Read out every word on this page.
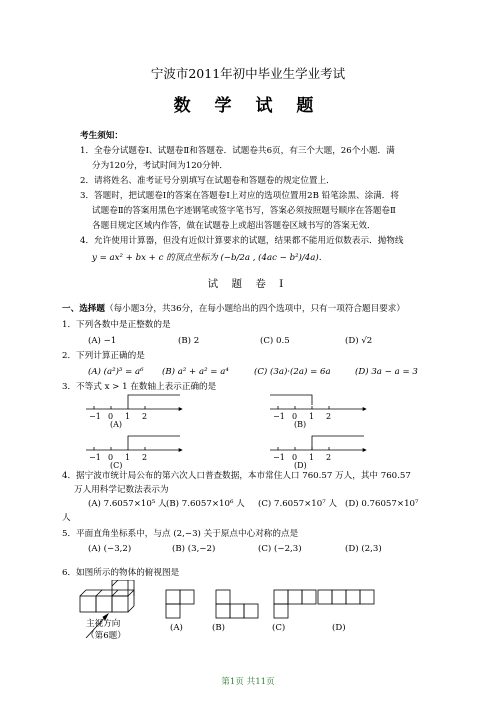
宁波市2011年初中毕业生学业考试
数 学 试 题
考生须知：
1．全卷分试题卷Ⅰ、试题卷Ⅱ和答题卷．试题卷共6页，有三个大题，26个小题．满
分为120分，考试时间为120分钟．
2．请将姓名、准考证号分别填写在试题卷和答题卷的规定位置上．
3．答题时，把试题卷Ⅰ的答案在答题卷Ⅰ上对应的选项位置用2B 铅笔涂黑、涂满．将
试题卷Ⅱ的答案用黑色字迹钢笔或签字笔书写，答案必须按照题号顺序在答题卷Ⅱ
各题目规定区域内作答，做在试题卷上或超出答题卷区域书写的答案无效．
4．允许使用计算器，但没有近似计算要求的试题，结果都不能用近似数表示．抛物线
y = ax² + bx + c 的顶点坐标为 (−b/2a , (4ac − b²)/4a)．
试 题 卷 Ⅰ
一、选择题（每小题3分，共36分，在每小题给出的四个选项中，只有一项符合题目要求）
1．下列各数中是正整数的是
(A) −1	(B) 2	(C) 0.5	(D) √2
2．下列计算正确的是
(A) (a²)³ = a⁶ (B) a² + a² = a⁴	(C) (3a)·(2a) = 6a	(D) 3a − a = 3
3．不等式 x > 1 在数轴上表示正确的是
−1 0 1 2
(A)
−1 0 1 2
(B)
−1 0 1 2
(C)
−1 0 1 2
(D)
4．据宁波市统计局公布的第六次人口普查数据，本市常住人口 760.57 万人，其中 760.57
万人用科学记数法表示为
(A) 7.6057×10⁵ 人 (B) 7.6057×10⁶ 人 (C) 7.6057×10⁷ 人 (D) 0.76057×10⁷
人
5．平面直角坐标系中，与点 (2,−3) 关于原点中心对称的点是
(A) (−3,2)	(B) (3,−2)	(C) (−2,3)	(D) (2,3)
6．如图所示的物体的俯视图是
主视方向
（第6题）
(A)	(B)	(C)	(D)
第1页 共11页
